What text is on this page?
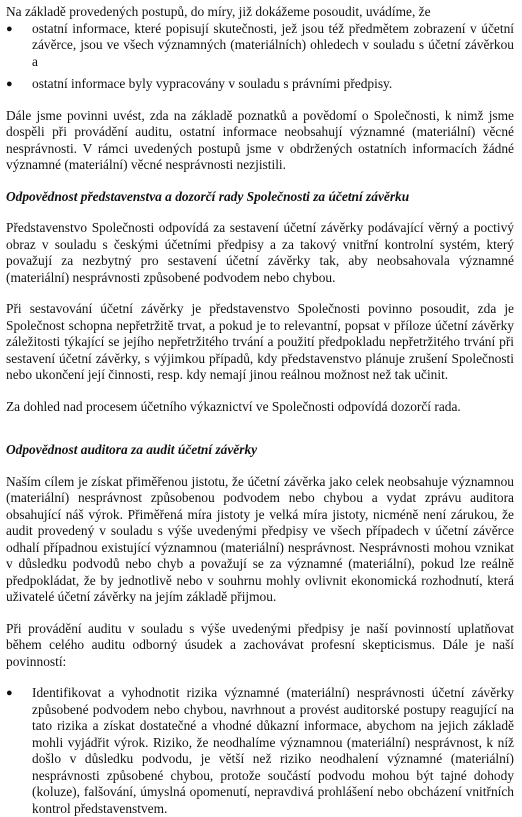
Na základě provedených postupů, do míry, již dokážeme posoudit, uvádíme, že

●	ostatní informace, které popisují skutečnosti, jež jsou též předmětem zobrazení v účetní závěrce, jsou ve všech významných (materiálních) ohledech v souladu s účetní závěrkou a
●	ostatní informace byly vypracovány v souladu s právními předpisy.

Dále jsme povinni uvést, zda na základě poznatků a povědomí o Společnosti, k nimž jsme dospěli při provádění auditu, ostatní informace neobsahují významné (materiální) věcné nesprávnosti. V rámci uvedených postupů jsme v obdržených ostatních informacích žádné významné (materiální) věcné nesprávnosti nezjistili.

Odpovědnost představenstva a dozorčí rady Společnosti za účetní závěrku

Představenstvo Společnosti odpovídá za sestavení účetní závěrky podávající věrný a poctivý obraz v souladu s českými účetními předpisy a za takový vnitřní kontrolní systém, který považují za nezbytný pro sestavení účetní závěrky tak, aby neobsahovala významné (materiální) nesprávnosti způsobené podvodem nebo chybou.

Při sestavování účetní závěrky je představenstvo Společnosti povinno posoudit, zda je Společnost schopna nepřetržitě trvat, a pokud je to relevantní, popsat v příloze účetní závěrky záležitosti týkající se jejího nepřetržitého trvání a použití předpokladu nepřetržitého trvání při sestavení účetní závěrky, s výjimkou případů, kdy představenstvo plánuje zrušení Společnosti nebo ukončení její činnosti, resp. kdy nemají jinou reálnou možnost než tak učinit.

Za dohled nad procesem účetního výkaznictví ve Společnosti odpovídá dozorčí rada.

Odpovědnost auditora za audit účetní závěrky

Naším cílem je získat přiměřenou jistotu, že účetní závěrka jako celek neobsahuje významnou (materiální) nesprávnost způsobenou podvodem nebo chybou a vydat zprávu auditora obsahující náš výrok. Přiměřená míra jistoty je velká míra jistoty, nicméně není zárukou, že audit provedený v souladu s výše uvedenými předpisy ve všech případech v účetní závěrce odhalí případnou existující významnou (materiální) nesprávnost. Nesprávnosti mohou vznikat v důsledku podvodů nebo chyb a považují se za významné (materiální), pokud lze reálně předpokládat, že by jednotlivě nebo v souhrnu mohly ovlivnit ekonomická rozhodnutí, která uživatelé účetní závěrky na jejím základě přijmou.

Při provádění auditu v souladu s výše uvedenými předpisy je naší povinností uplatňovat během celého auditu odborný úsudek a zachovávat profesní skepticismus. Dále je naší povinností:

●	Identifikovat a vyhodnotit rizika významné (materiální) nesprávnosti účetní závěrky způsobené podvodem nebo chybou, navrhnout a provést auditorské postupy reagující na tato rizika a získat dostatečné a vhodné důkazní informace, abychom na jejich základě mohli vyjádřit výrok. Riziko, že neodhalíme významnou (materiální) nesprávnost, k níž došlo v důsledku podvodu, je větší než riziko neodhalení významné (materiální) nesprávnosti způsobené chybou, protože součástí podvodu mohou být tajné dohody (koluze), falšování, úmyslná opomenutí, nepravdivá prohlášení nebo obcházení vnitřních kontrol představenstvem.
